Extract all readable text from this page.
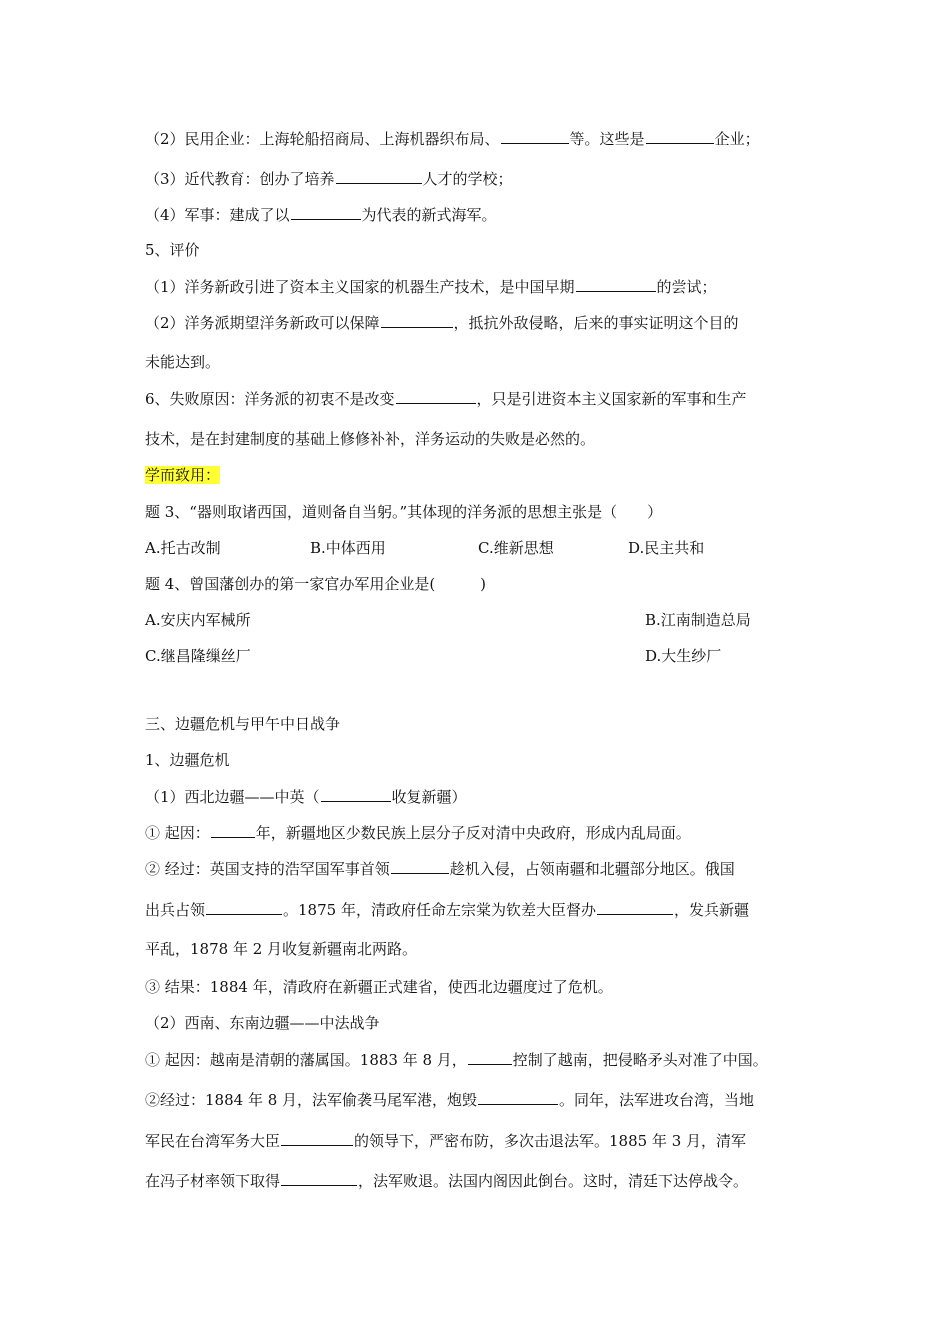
（2）民用企业：上海轮船招商局、上海机器织布局、	等。这些是	企业；
（3）近代教育：创办了培养	人才的学校；
（4）军事：建成了以	为代表的新式海军。
5、评价
（1）洋务新政引进了资本主义国家的机器生产技术，是中国早期	的尝试；
（2）洋务派期望洋务新政可以保障	，抵抗外敌侵略，后来的事实证明这个目的
未能达到。
6、失败原因：洋务派的初衷不是改变	，只是引进资本主义国家新的军事和生产
技术，是在封建制度的基础上修修补补，洋务运动的失败是必然的。
学而致用：
题 3、“器则取诸西国，道则备自当躬。”其体现的洋务派的思想主张是（　　）
A.托古改制	B.中体西用	C.维新思想	D.民主共和
题 4、曾国藩创办的第一家官办军用企业是(　　　)
A.安庆内军械所	B.江南制造总局
C.继昌隆缫丝厂	D.大生纱厂
三、边疆危机与甲午中日战争
1、边疆危机
（1）西北边疆——中英（	收复新疆）
① 起因：	年，新疆地区少数民族上层分子反对清中央政府，形成内乱局面。
② 经过：英国支持的浩罕国军事首领	趁机入侵，占领南疆和北疆部分地区。俄国
出兵占领	。1875 年，清政府任命左宗棠为钦差大臣督办	，发兵新疆
平乱，1878 年 2 月收复新疆南北两路。
③ 结果：1884 年，清政府在新疆正式建省，使西北边疆度过了危机。
（2）西南、东南边疆——中法战争
① 起因：越南是清朝的藩属国。1883 年 8 月，	控制了越南，把侵略矛头对准了中国。
②经过：1884 年 8 月，法军偷袭马尾军港，炮毁	。同年，法军进攻台湾，当地
军民在台湾军务大臣	的领导下，严密布防，多次击退法军。1885 年 3 月，清军
在冯子材率领下取得	，法军败退。法国内阁因此倒台。这时，清廷下达停战令。
